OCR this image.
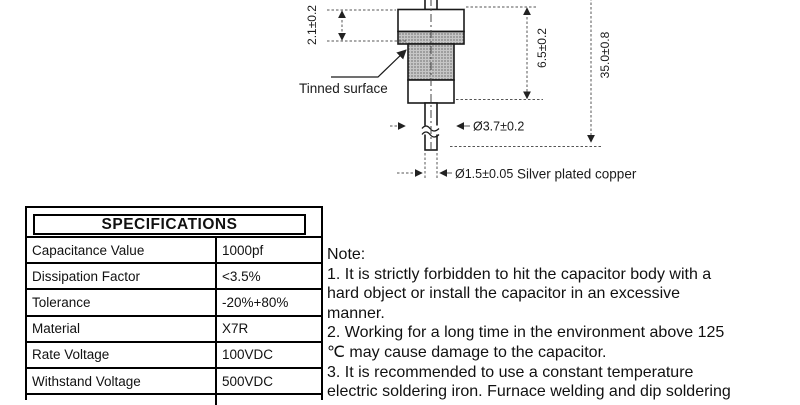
2.1±0.2
6.5±0.2	35.0±0.8
Ø3.7±0.2
Ø1.5±0.05 Silver plated copper
Tinned surface
SPECIFICATIONS
Capacitance Value	1000pf
Dissipation Factor	<3.5%
Tolerance	-20%+80%
Material	X7R
Rate Voltage	100VDC
Withstand Voltage	500VDC
Note:
1. It is strictly forbidden to hit the capacitor body with a
hard object or install the capacitor in an excessive
manner.
2. Working for a long time in the environment above 125
℃ may cause damage to the capacitor.
3. It is recommended to use a constant temperature
electric soldering iron. Furnace welding and dip soldering
